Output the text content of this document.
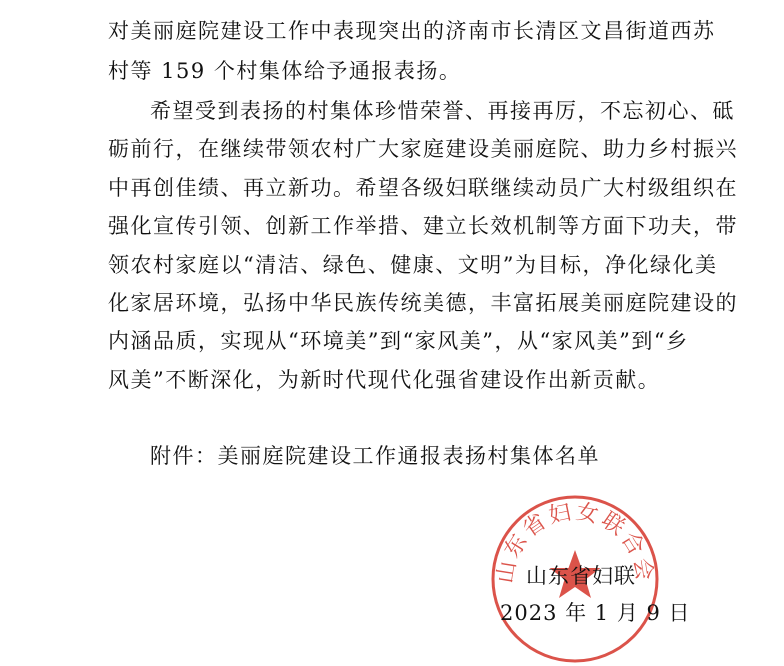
对美丽庭院建设工作中表现突出的济南市长清区文昌街道西苏
村等 159 个村集体给予通报表扬。
希望受到表扬的村集体珍惜荣誉、再接再厉，不忘初心、砥
砺前行，在继续带领农村广大家庭建设美丽庭院、助力乡村振兴
中再创佳绩、再立新功。希望各级妇联继续动员广大村级组织在
强化宣传引领、创新工作举措、建立长效机制等方面下功夫，带
领农村家庭以“清洁、绿色、健康、文明”为目标，净化绿化美
化家居环境，弘扬中华民族传统美德，丰富拓展美丽庭院建设的
内涵品质，实现从“环境美”到“家风美”，从“家风美”到“乡
风美”不断深化，为新时代现代化强省建设作出新贡献。
附件：美丽庭院建设工作通报表扬村集体名单
山东省妇女联合会
山东省妇联
2023 年 1 月 9 日
